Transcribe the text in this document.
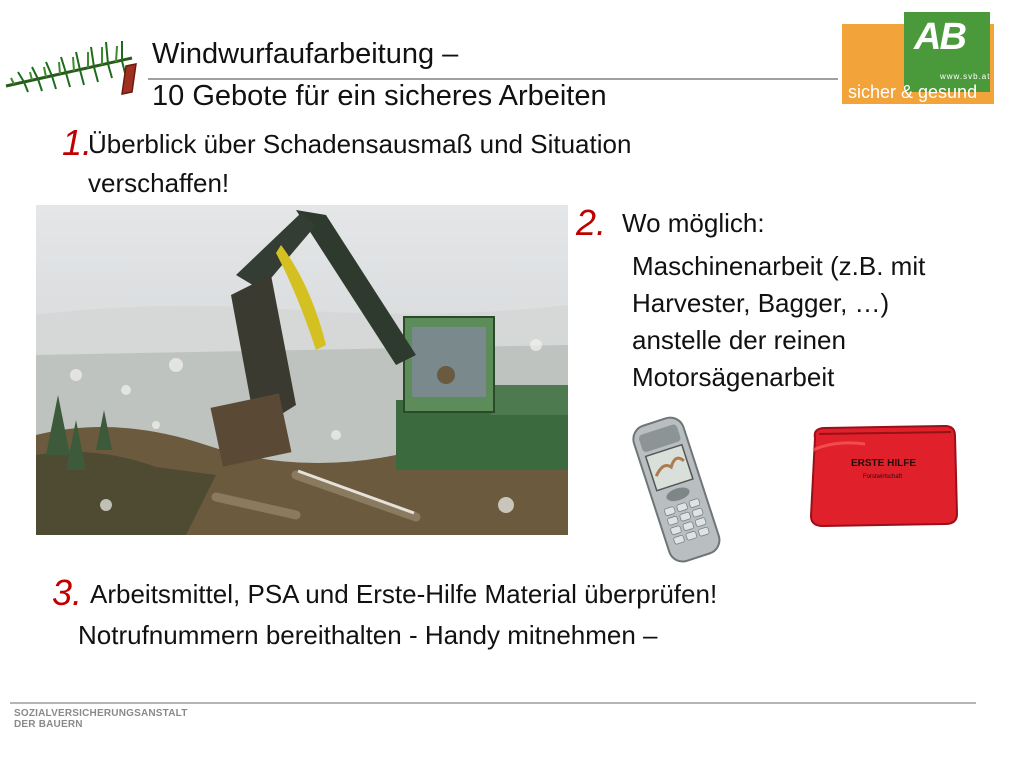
Windwurfaufarbeitung –
10 Gebote für ein sicheres Arbeiten
AB
www.svb.at
sicher & gesund
1.
Überblick über Schadensausmaß und Situation
verschaffen!
2. Wo möglich:
Maschinenarbeit (z.B. mit
Harvester, Bagger, …)
anstelle der reinen
Motorsägenarbeit
ERSTE HILFE
Forstwirtschaft
3. Arbeitsmittel, PSA und Erste-Hilfe Material überprüfen!
Notrufnummern bereithalten - Handy mitnehmen –
SOZIALVERSICHERUNGSANSTALT
DER BAUERN
